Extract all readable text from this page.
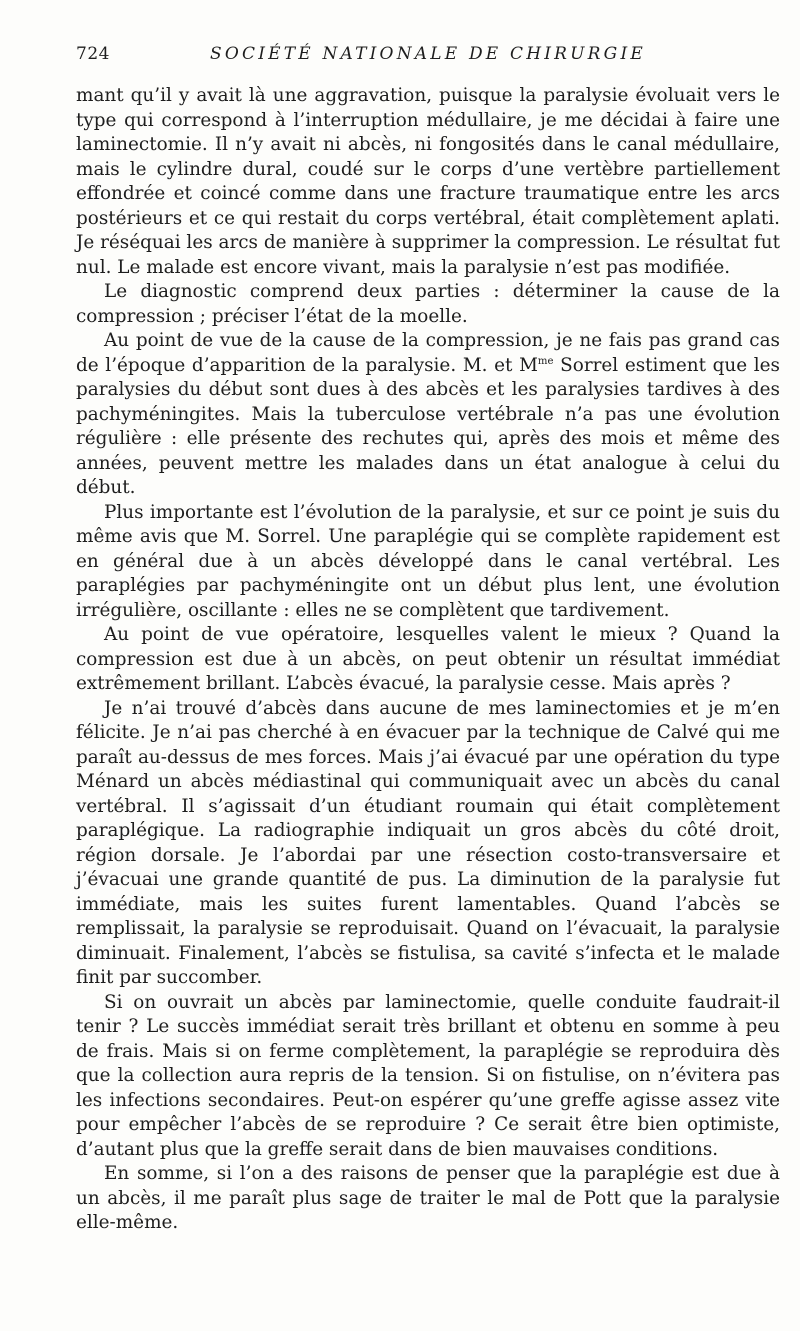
724	SOCIÉTÉ NATIONALE DE CHIRURGIE

mant qu’il y avait là une aggravation, puisque la paralysie évoluait vers le type qui correspond à l’interruption médullaire, je me décidai à faire une laminectomie. Il n’y avait ni abcès, ni fongosités dans le canal médullaire, mais le cylindre dural, coudé sur le corps d’une vertèbre partiellement effondrée et coincé comme dans une fracture traumatique entre les arcs postérieurs et ce qui restait du corps vertébral, était complètement aplati. Je réséquai les arcs de manière à supprimer la compression. Le résultat fut nul. Le malade est encore vivant, mais la paralysie n’est pas modifiée.

Le diagnostic comprend deux parties : déterminer la cause de la compression ; préciser l’état de la moelle.

Au point de vue de la cause de la compression, je ne fais pas grand cas de l’époque d’apparition de la paralysie. M. et $M^{me}$ Sorrel estiment que les paralysies du début sont dues à des abcès et les paralysies tardives à des pachyméningites. Mais la tuberculose vertébrale n’a pas une évolution régulière : elle présente des rechutes qui, après des mois et même des années, peuvent mettre les malades dans un état analogue à celui du début.

Plus importante est l’évolution de la paralysie, et sur ce point je suis du même avis que M. Sorrel. Une paraplégie qui se complète rapidement est en général due à un abcès développé dans le canal vertébral. Les paraplégies par pachyméningite ont un début plus lent, une évolution irrégulière, oscillante : elles ne se complètent que tardivement.

Au point de vue opératoire, lesquelles valent le mieux ? Quand la compression est due à un abcès, on peut obtenir un résultat immédiat extrêmement brillant. L’abcès évacué, la paralysie cesse. Mais après ?

Je n’ai trouvé d’abcès dans aucune de mes laminectomies et je m’en félicite. Je n’ai pas cherché à en évacuer par la technique de Calvé qui me paraît au-dessus de mes forces. Mais j’ai évacué par une opération du type Ménard un abcès médiastinal qui communiquait avec un abcès du canal vertébral. Il s’agissait d’un étudiant roumain qui était complètement paraplégique. La radiographie indiquait un gros abcès du côté droit, région dorsale. Je l’abordai par une résection costo-transversaire et j’évacuai une grande quantité de pus. La diminution de la paralysie fut immédiate, mais les suites furent lamentables. Quand l’abcès se remplissait, la paralysie se reproduisait. Quand on l’évacuait, la paralysie diminuait. Finalement, l’abcès se fistulisa, sa cavité s’infecta et le malade finit par succomber.

Si on ouvrait un abcès par laminectomie, quelle conduite faudrait-il tenir ? Le succès immédiat serait très brillant et obtenu en somme à peu de frais. Mais si on ferme complètement, la paraplégie se reproduira dès que la collection aura repris de la tension. Si on fistulise, on n’évitera pas les infections secondaires. Peut-on espérer qu’une greffe agisse assez vite pour empêcher l’abcès de se reproduire ? Ce serait être bien optimiste, d’autant plus que la greffe serait dans de bien mauvaises conditions.

En somme, si l’on a des raisons de penser que la paraplégie est due à un abcès, il me paraît plus sage de traiter le mal de Pott que la paralysie elle-même.
